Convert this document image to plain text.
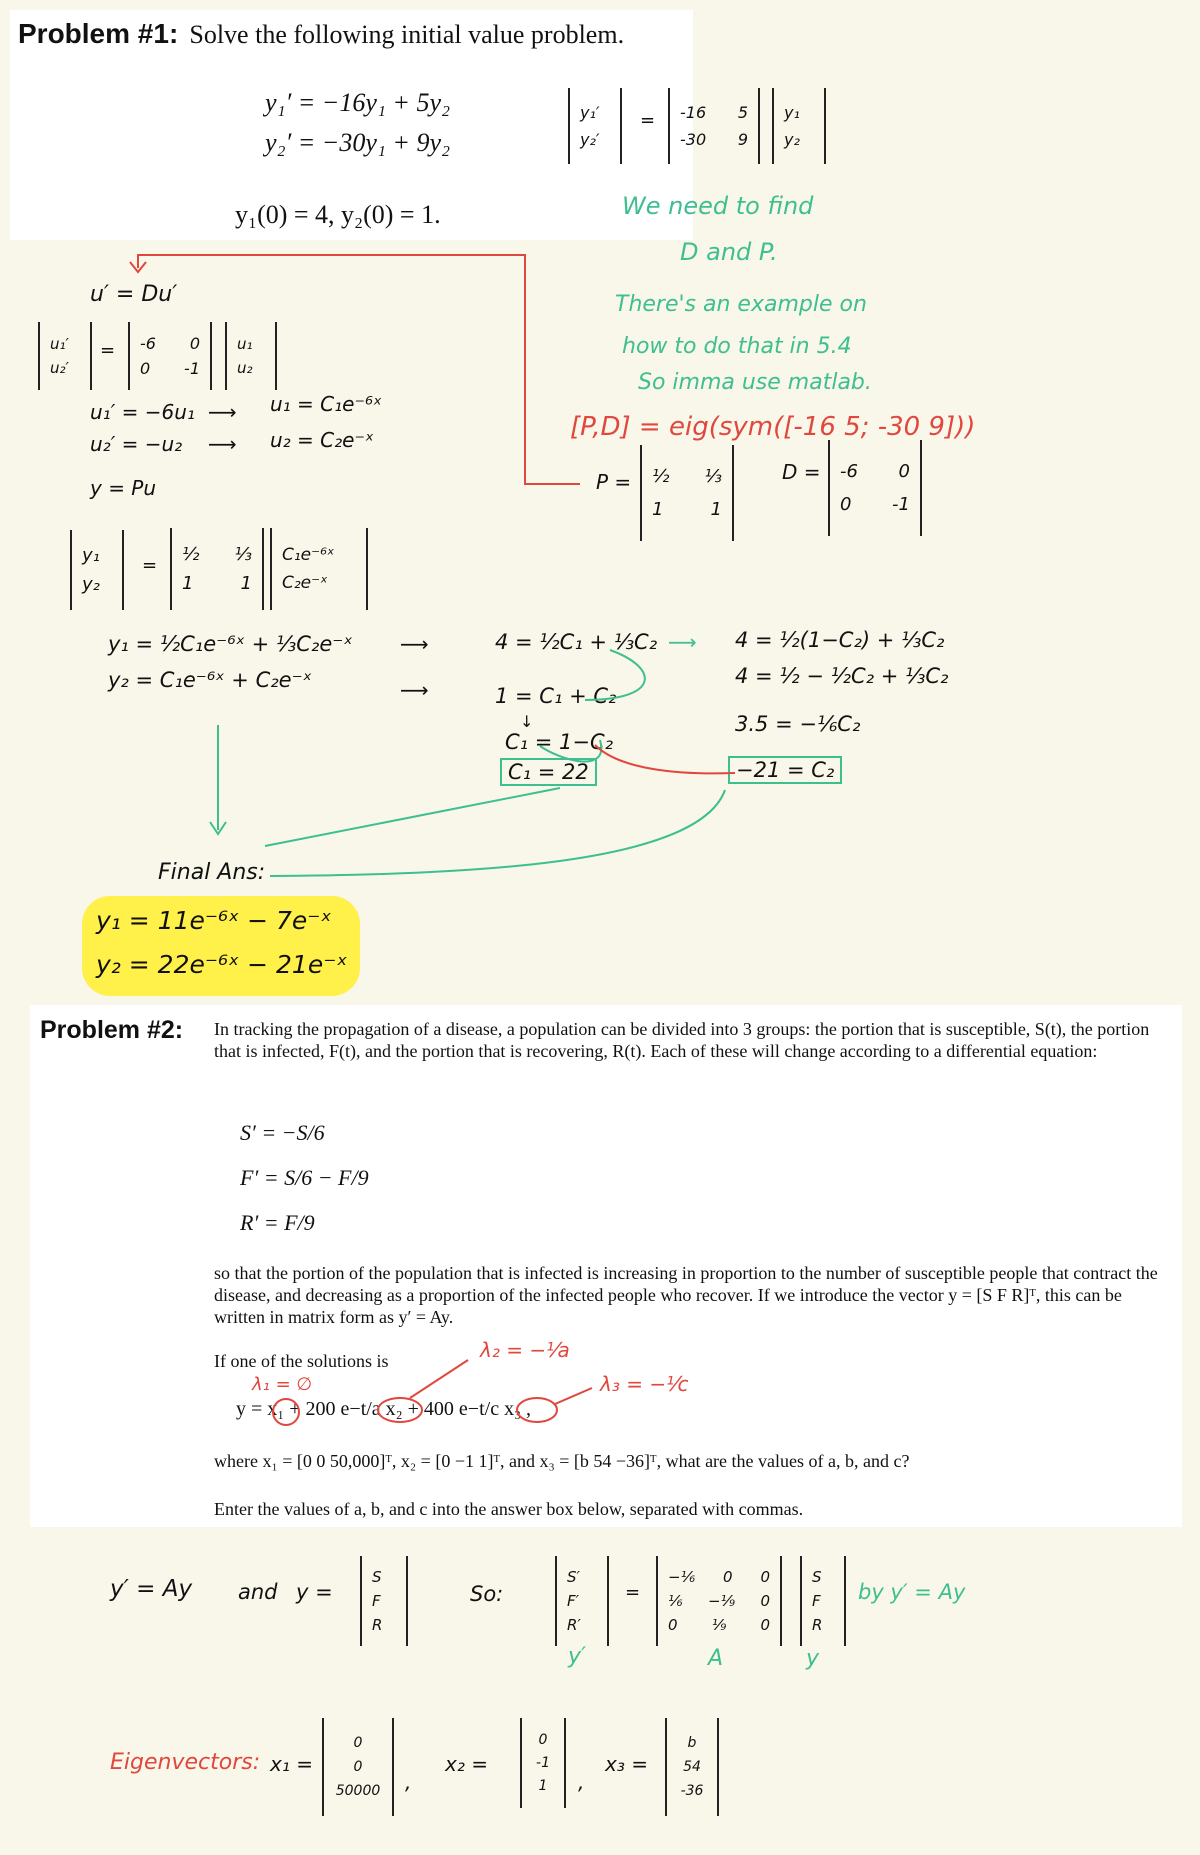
Problem #1: Solve the following initial value problem.
y₁′ = −16y₁ + 5y₂
y₂′ = −30y₁ + 9y₂
y₁(0) = 4, y₂(0) = 1.
y₁′
y₂′
= -16 5
-30 9
y₁
y₂
We need to find
D and P.
There's an example on
how to do that in 5.4
So imma use matlab.
[P,D] = eig(sym([-16 5; -30 9]))
P = ½ ⅓
1	1
D = -6 0
0 -1
u′ = Du′
u₁′
u₂′
= -6 0
0 -1
u₁
u₂
u₁′ = −6u₁ ⟶ u₁ = C₁e⁻⁶ˣ
u₂′ = −u₂ ⟶ u₂ = C₂e⁻ˣ
y = Pu
y₁
y₂
=
½ ⅓
1	1
C₁e⁻⁶ˣ
C₂e⁻ˣ
y₁ = ½C₁e⁻⁶ˣ + ⅓C₂e⁻ˣ
y₂ = C₁e⁻⁶ˣ + C₂e⁻ˣ
⟶
⟶
4 = ½C₁ + ⅓C₂
1 = C₁ + C₂
↓
C₁ = 1−C₂
C₁ = 22
⟶ 4 = ½(1−C₂) + ⅓C₂
4 = ½ − ½C₂ + ⅓C₂
3.5 = −⅙C₂
−21 = C₂
Final Ans:
y₁ = 11e⁻⁶ˣ − 7e⁻ˣ
y₂ = 22e⁻⁶ˣ − 21e⁻ˣ
Problem #2: In tracking the propagation of a disease, a population can be divided into 3 groups: the portion that is susceptible, S(t), the portion that is infected, F(t), and the portion that is recovering, R(t). Each of these will change according to a differential equation:

S′ = −S/6
F′ = S/6 − F/9
R′ = F/9

so that the portion of the population that is infected is increasing in proportion to the number of susceptible people that contract the disease, and decreasing as a proportion of the infected people who recover. If we introduce the vector y = [S F R]ᵀ, this can be written in matrix form as y′ = Ay.

If one of the solutions is	λ₂ = −⅟a
λ₁ = ∅	λ₃ = −⅟c
y = x₁ + 200 e−t/a x₂ + 400 e−t/c x₃ ,

where x₁ = [0 0 50,000]ᵀ, x₂ = [0 −1 1]ᵀ, and x₃ = [b 54 −36]ᵀ, what are the values of a, b, and c?

Enter the values of a, b, and c into the answer box below, separated with commas.

y′ = Ay and y =
S
F
R
So:
S′
F′
R′
=
−⅙ 0 0
⅙ −⅑ 0
0 ⅑ 0
S
F
R
by y′ = Ay
y′	A	y
Eigenvectors: x₁ =
0
0
50000 ,
x₂ =
0
-1
1	,
x₃ =
b
54
-36
